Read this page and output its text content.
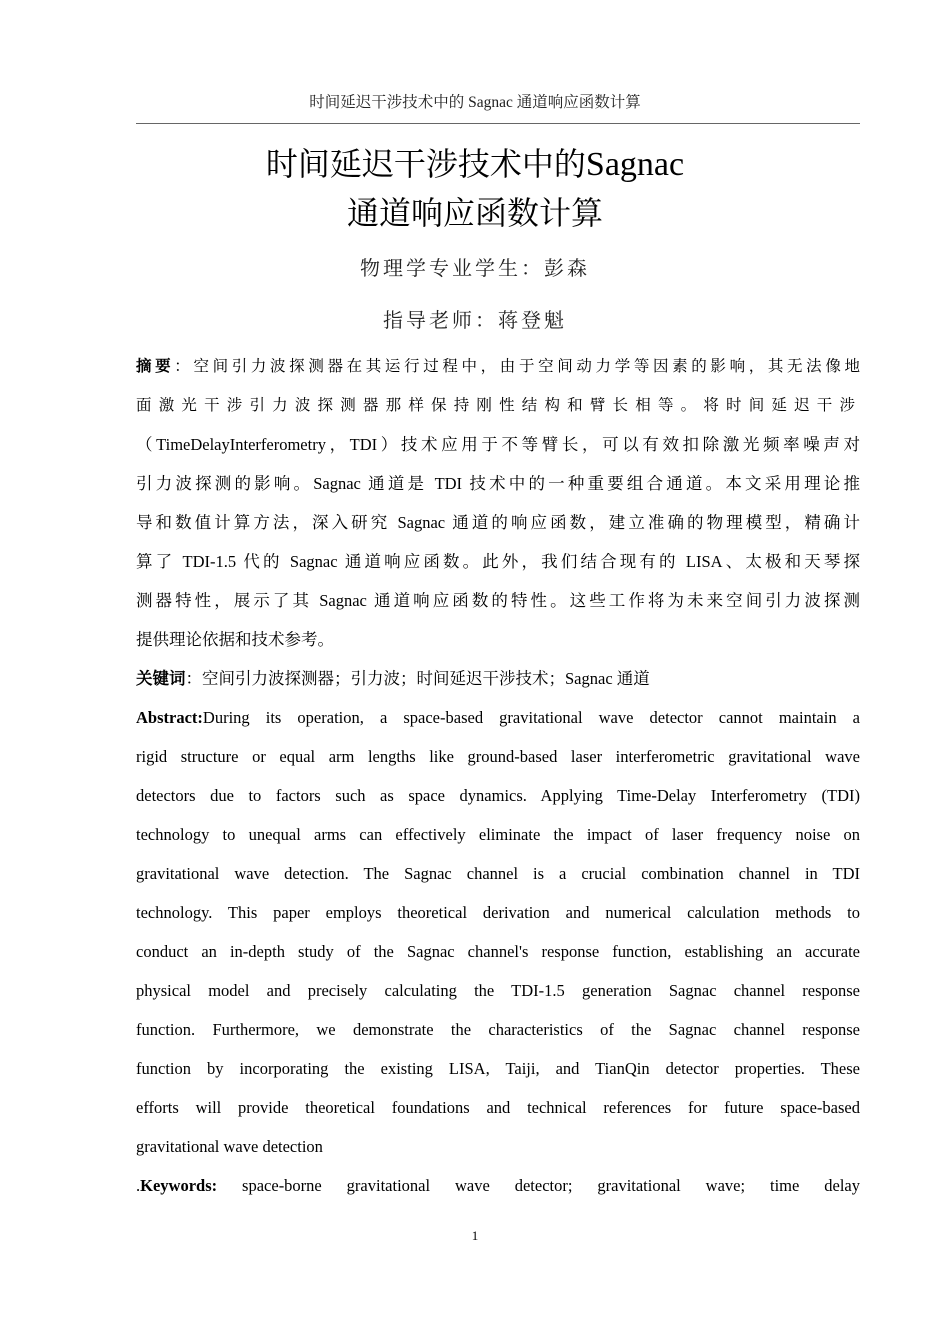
时间延迟干涉技术中的 Sagnac 通道响应函数计算
时间延迟干涉技术中的Sagnac
通道响应函数计算
物理学专业学生：彭森
指导老师：蒋登魁
摘要：空间引力波探测器在其运行过程中，由于空间动力学等因素的影响，其无法像地
面激光干涉引力波探测器那样保持刚性结构和臂长相等。将时间延迟干涉
（TimeDelayInterferometry，TDI）技术应用于不等臂长，可以有效扣除激光频率噪声对
引力波探测的影响。Sagnac 通道是 TDI 技术中的一种重要组合通道。本文采用理论推
导和数值计算方法，深入研究 Sagnac 通道的响应函数，建立准确的物理模型，精确计
算了 TDI-1.5 代的 Sagnac 通道响应函数。此外，我们结合现有的 LISA、太极和天琴探
测器特性，展示了其 Sagnac 通道响应函数的特性。这些工作将为未来空间引力波探测
提供理论依据和技术参考。
关键词：空间引力波探测器；引力波；时间延迟干涉技术；Sagnac 通道
Abstract:During its operation, a space-based gravitational wave detector cannot maintain a
rigid structure or equal arm lengths like ground-based laser interferometric gravitational wave
detectors due to factors such as space dynamics. Applying Time-Delay Interferometry (TDI)
technology to unequal arms can effectively eliminate the impact of laser frequency noise on
gravitational wave detection. The Sagnac channel is a crucial combination channel in TDI
technology. This paper employs theoretical derivation and numerical calculation methods to
conduct an in-depth study of the Sagnac channel's response function, establishing an accurate
physical model and precisely calculating the TDI-1.5 generation Sagnac channel response
function. Furthermore, we demonstrate the characteristics of the Sagnac channel response
function by incorporating the existing LISA, Taiji, and TianQin detector properties. These
efforts will provide theoretical foundations and technical references for future space-based
gravitational wave detection
.Keywords: space-borne gravitational wave detector; gravitational wave; time delay
1
